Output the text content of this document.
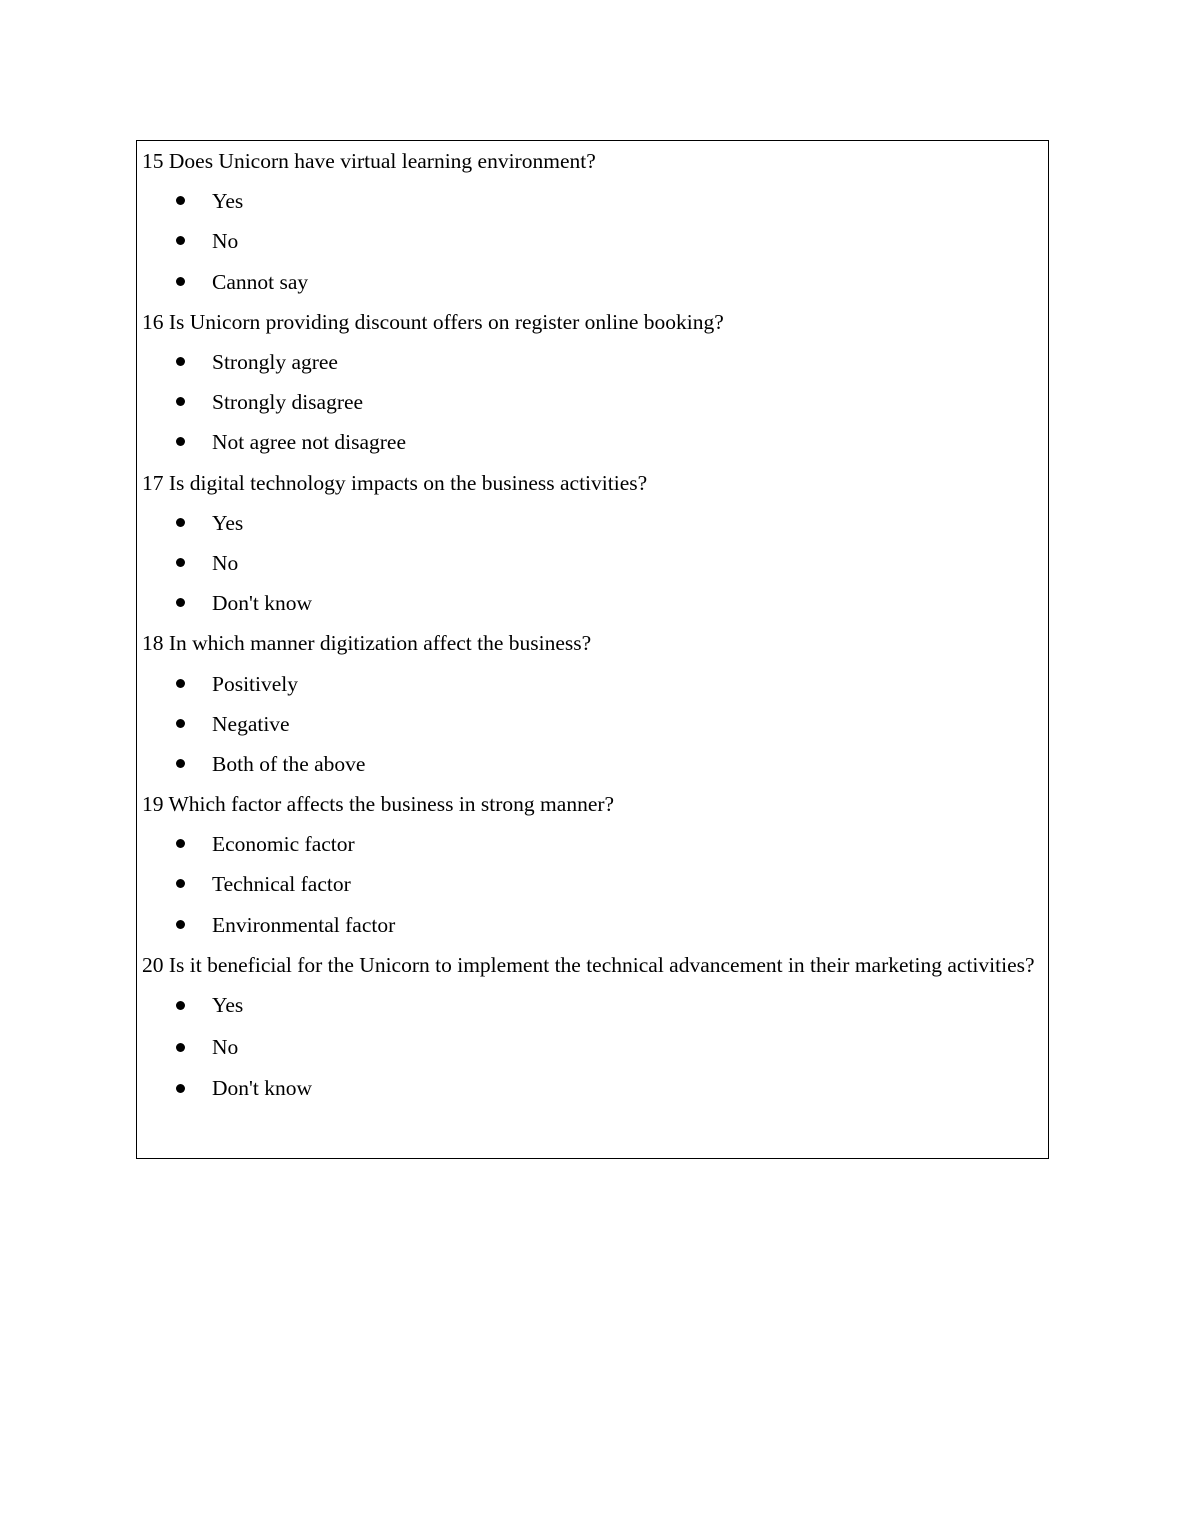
15 Does Unicorn have virtual learning environment?

Yes
No
Cannot say

16 Is Unicorn providing discount offers on register online booking?

Strongly agree
Strongly disagree
Not agree not disagree

17 Is digital technology impacts on the business activities?

Yes
No
Don't know

18 In which manner digitization affect the business?

Positively
Negative
Both of the above

19 Which factor affects the business in strong manner?

Economic factor
Technical factor
Environmental factor

20 Is it beneficial for the Unicorn to implement the technical advancement in their marketing activities?

Yes
No
Don't know
